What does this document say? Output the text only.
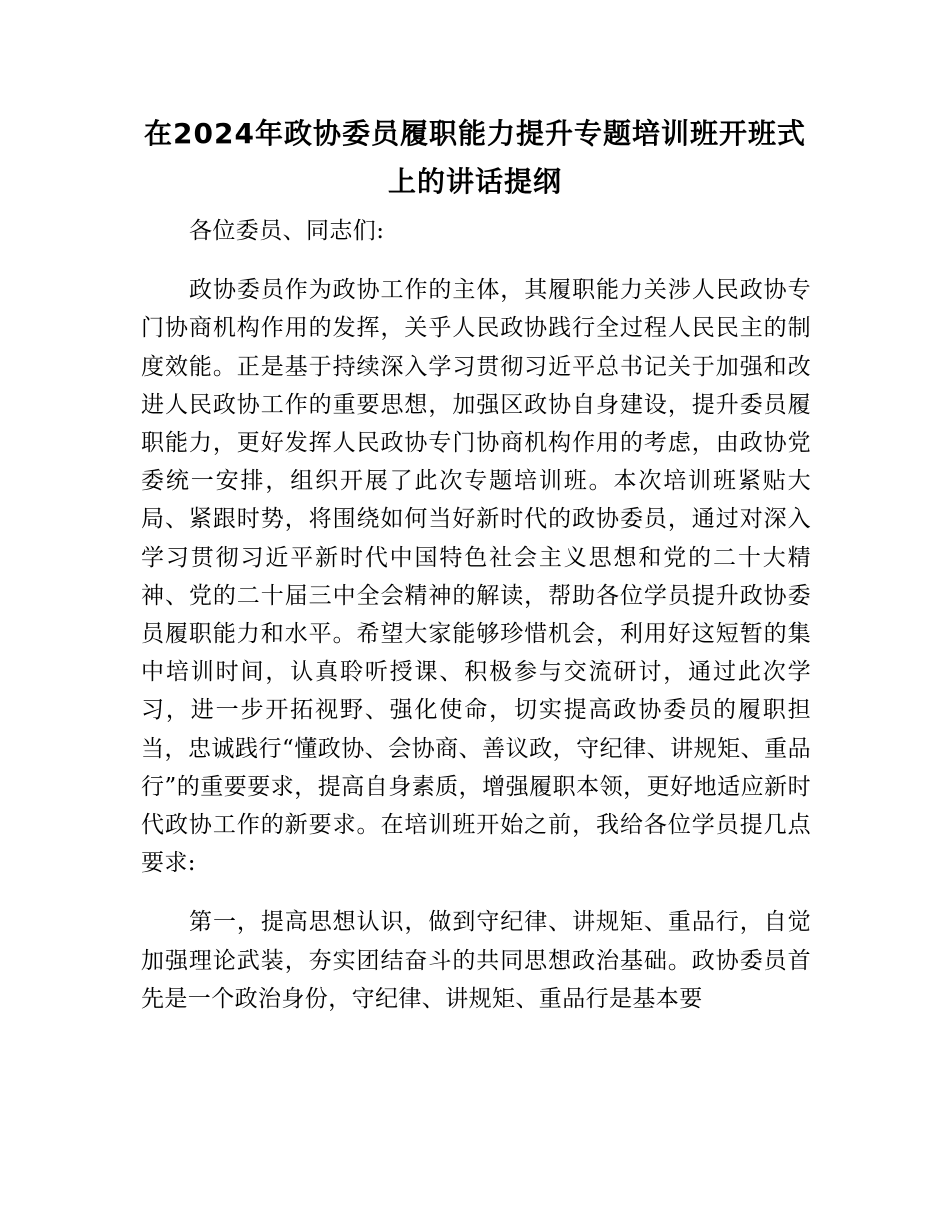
在2024年政协委员履职能力提升专题培训班开班式上的讲话提纲

各位委员、同志们:

政协委员作为政协工作的主体，其履职能力关涉人民政协专门协商机构作用的发挥，关乎人民政协践行全过程人民民主的制度效能。正是基于持续深入学习贯彻习近平总书记关于加强和改进人民政协工作的重要思想，加强区政协自身建设，提升委员履职能力，更好发挥人民政协专门协商机构作用的考虑，由政协党委统一安排，组织开展了此次专题培训班。本次培训班紧贴大局、紧跟时势，将围绕如何当好新时代的政协委员，通过对深入学习贯彻习近平新时代中国特色社会主义思想和党的二十大精神、党的二十届三中全会精神的解读，帮助各位学员提升政协委员履职能力和水平。希望大家能够珍惜机会，利用好这短暂的集中培训时间，认真聆听授课、积极参与交流研讨，通过此次学习，进一步开拓视野、强化使命，切实提高政协委员的履职担当，忠诚践行“懂政协、会协商、善议政，守纪律、讲规矩、重品行”的重要要求，提高自身素质，增强履职本领，更好地适应新时代政协工作的新要求。在培训班开始之前，我给各位学员提几点要求:

第一，提高思想认识，做到守纪律、讲规矩、重品行，自觉加强理论武装，夯实团结奋斗的共同思想政治基础。政协委员首先是一个政治身份，守纪律、讲规矩、重品行是基本要
